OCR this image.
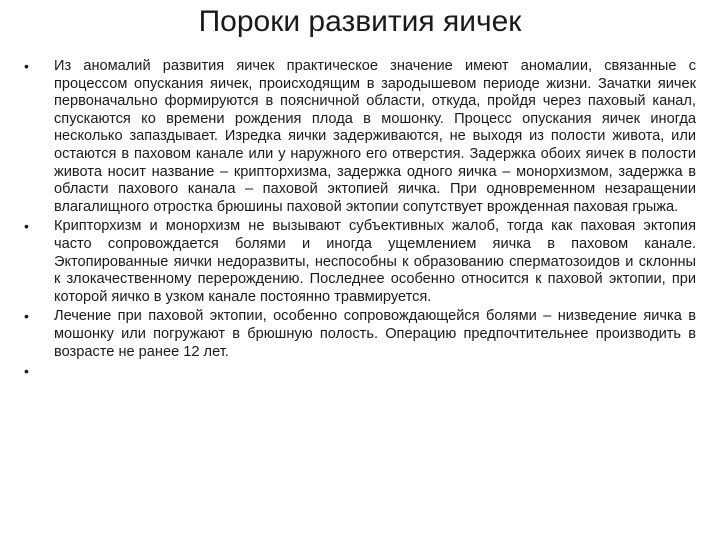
Пороки развития яичек
• Из аномалий развития яичек практическое значение имеют аномалии, связанные с процессом опускания яичек, происходящим в зародышевом периоде жизни. Зачатки яичек первоначально формируются в поясничной области, откуда, пройдя через паховый канал, спускаются ко времени рождения плода в мошонку. Процесс опускания яичек иногда несколько запаздывает. Изредка яички задерживаются, не выходя из полости живота, или остаются в паховом канале или у наружного его отверстия. Задержка обоих яичек в полости живота носит название – крипторхизма, задержка одного яичка – монорхизмом, задержка в области пахового канала – паховой эктопией яичка. При одновременном незаращении влагалищного отростка брюшины паховой эктопии сопутствует врожденная паховая грыжа.
• Крипторхизм и монорхизм не вызывают субъективных жалоб, тогда как паховая эктопия часто сопровождается болями и иногда ущемлением яичка в паховом канале. Эктопированные яички недоразвиты, неспособны к образованию сперматозоидов и склонны к злокачественному перерождению. Последнее особенно относится к паховой эктопии, при которой яичко в узком канале постоянно травмируется.
• Лечение при паховой эктопии, особенно сопровождающейся болями – низведение яичка в мошонку или погружают в брюшную полость. Операцию предпочтительнее производить в возрасте не ранее 12 лет.
•
